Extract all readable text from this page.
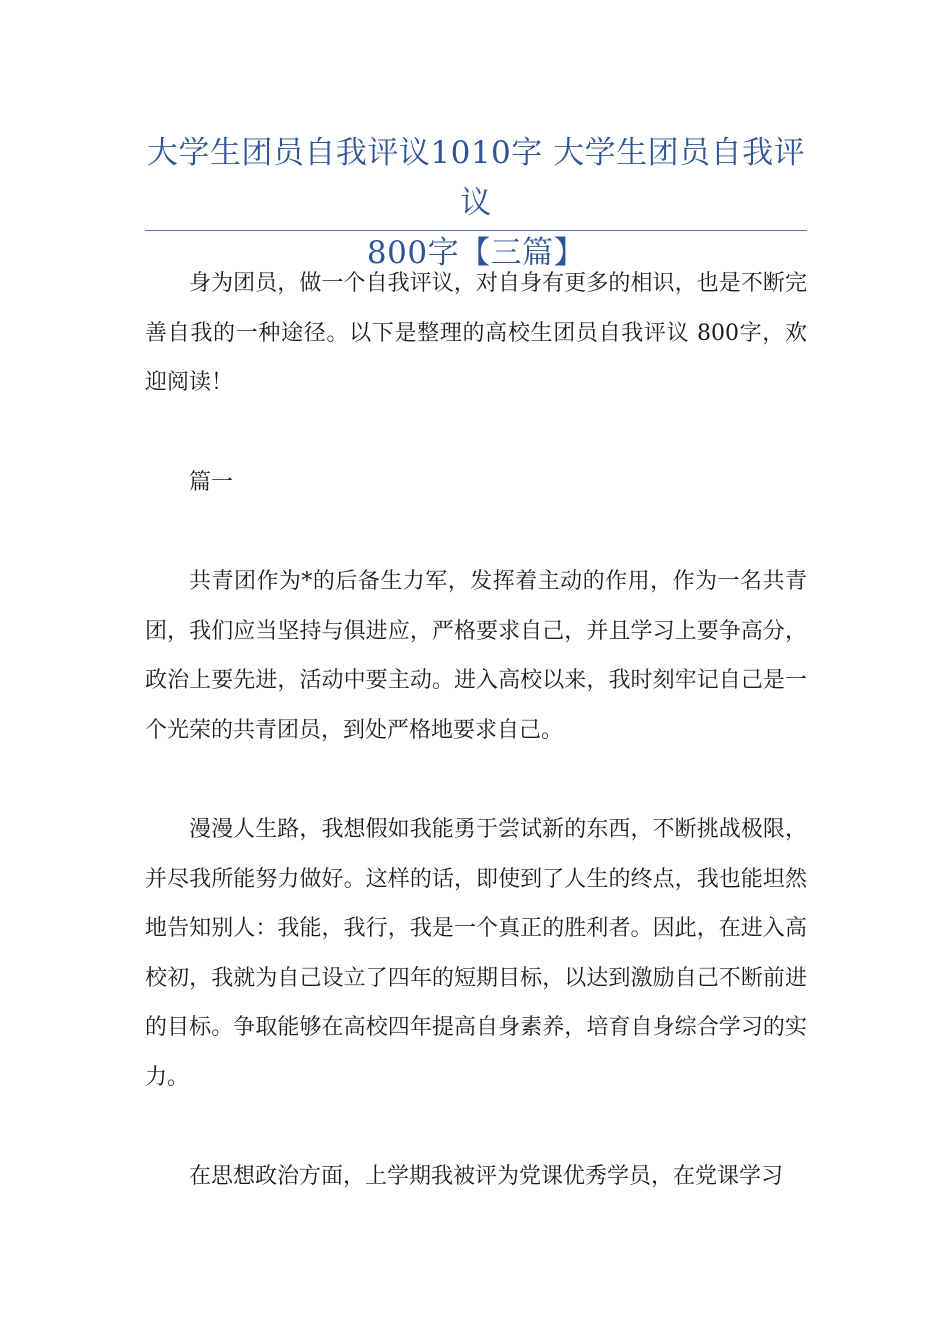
大学生团员自我评议1010字 大学生团员自我评议
800字【三篇】

身为团员，做一个自我评议，对自身有更多的相识，也是不断完善自我的一种途径。以下是整理的高校生团员自我评议 800字，欢迎阅读！

篇一

共青团作为*的后备生力军，发挥着主动的作用，作为一名共青团，我们应当坚持与俱进应，严格要求自己，并且学习上要争高分，政治上要先进，活动中要主动。进入高校以来，我时刻牢记自己是一个光荣的共青团员，到处严格地要求自己。

漫漫人生路，我想假如我能勇于尝试新的东西，不断挑战极限，并尽我所能努力做好。这样的话，即使到了人生的终点，我也能坦然地告知别人：我能，我行，我是一个真正的胜利者。因此，在进入高校初，我就为自己设立了四年的短期目标，以达到激励自己不断前进的目标。争取能够在高校四年提高自身素养，培育自身综合学习的实力。

在思想政治方面，上学期我被评为党课优秀学员，在党课学习
